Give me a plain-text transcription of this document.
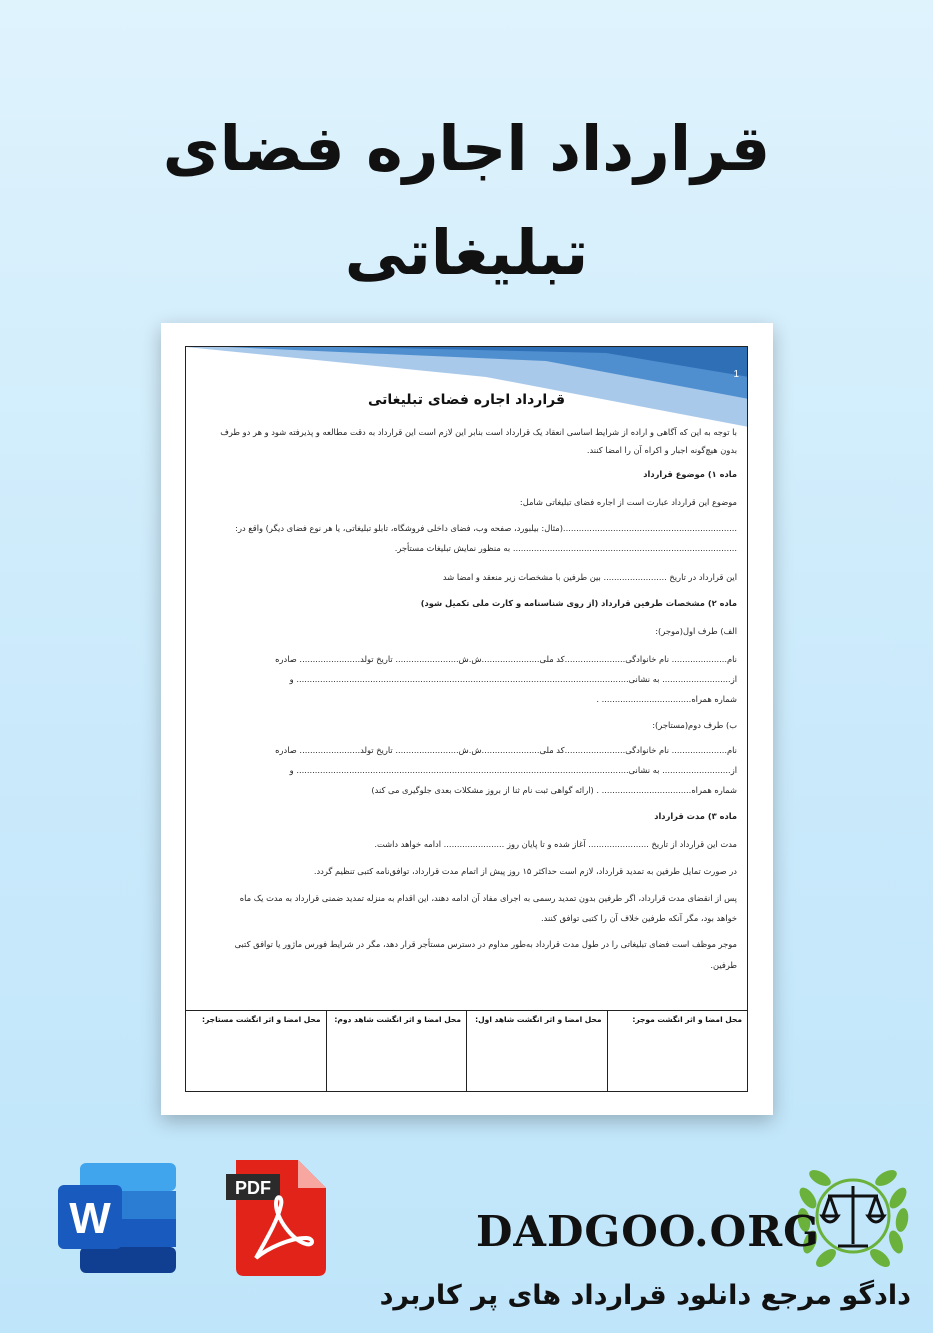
قرارداد اجاره فضای
تبلیغاتی
1
قرارداد اجاره فضای تبلیغاتی
با توجه به این که آگاهی و اراده از شرایط اساسی انعقاد یک قرارداد است بنابر این لازم است این قرارداد به دقت مطالعه و پذیرفته شود و هر دو طرف
بدون هیچ‌گونه اجبار و اکراه آن را امضا کنند.
ماده ۱) موضوع قرارداد
موضوع این قرارداد عبارت است از اجاره فضای تبلیغاتی شامل:
..................................................................(مثال: بیلبورد، صفحه وب، فضای داخلی فروشگاه، تابلو تبلیغاتی، یا هر نوع فضای دیگر) واقع در:
..................................................................................... به منظور نمایش تبلیغات مستأجر.
این قرارداد در تاریخ ........................ بین طرفین با مشخصات زیر منعقد و امضا شد
ماده ۲) مشخصات طرفین قرارداد (از روی شناسنامه و کارت ملی تکمیل شود)
الف) طرف اول(موجر):
نام..................... نام خانوادگی.......................کد ملی......................ش.ش........................ تاریخ تولد....................... صادره
از.......................... به نشانی.............................................................................................................................. و
شماره همراه.................................. .
ب) طرف دوم(مستاجر):
نام..................... نام خانوادگی.......................کد ملی......................ش.ش........................ تاریخ تولد....................... صادره
از.......................... به نشانی.............................................................................................................................. و
شماره همراه.................................. . (ارائه گواهی ثبت نام ثنا از بروز مشکلات بعدی جلوگیری می کند)
ماده ۳) مدت قرارداد
مدت این قرارداد از تاریخ ....................... آغاز شده و تا پایان روز ....................... ادامه خواهد داشت.
در صورت تمایل طرفین به تمدید قرارداد، لازم است حداکثر ۱۵ روز پیش از اتمام مدت قرارداد، توافق‌نامه کتبی تنظیم گردد.
پس از انقضای مدت قرارداد، اگر طرفین بدون تمدید رسمی به اجرای مفاد آن ادامه دهند، این اقدام به منزله تمدید ضمنی قرارداد به مدت یک ماه
خواهد بود، مگر آنکه طرفین خلاف آن را کتبی توافق کنند.
موجر موظف است فضای تبلیغاتی را در طول مدت قرارداد به‌طور مداوم در دسترس مستأجر قرار دهد، مگر در شرایط فورس ماژور یا توافق کتبی
طرفین.
محل امضا و اثر انگشت موجر:
محل امضا و اثر انگشت شاهد اول:
محل امضا و اثر انگشت شاهد دوم:
محل امضا و اثر انگشت مستاجر:
W
PDF
DADGOO.ORG
دادگو مرجع دانلود قرارداد های پر کاربرد
